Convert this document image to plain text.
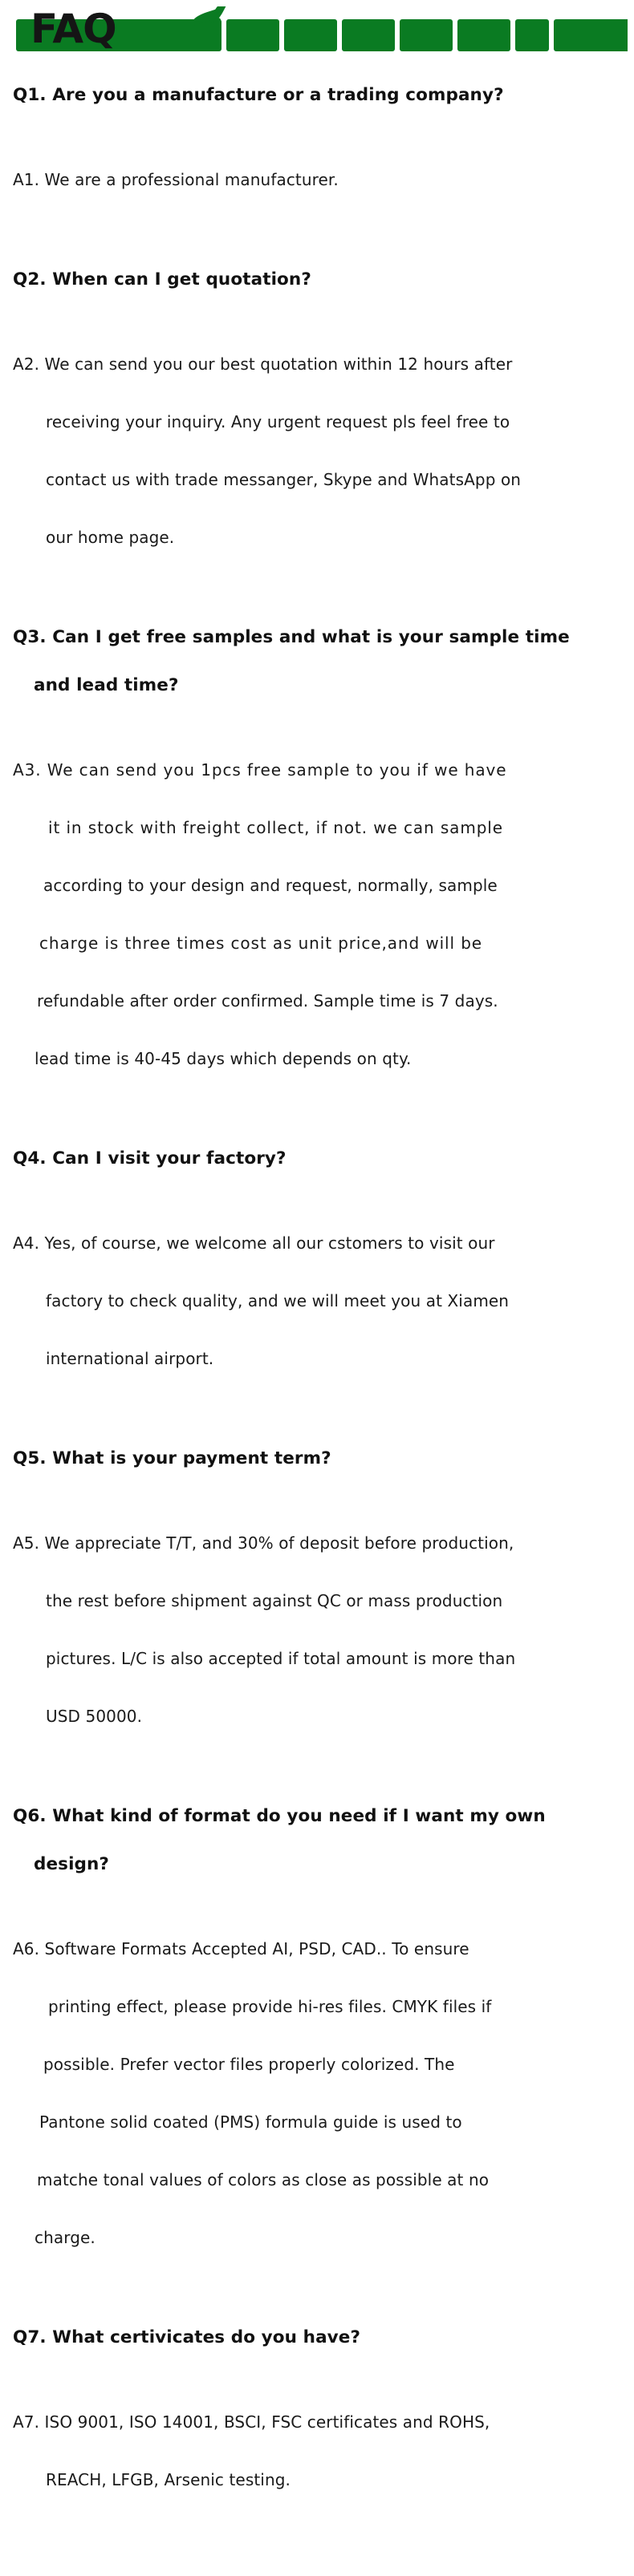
FAQ

Q1. Are you a manufacture or a trading company?

A1. We are a professional manufacturer.

Q2. When can I get quotation?

A2. We can send you our best quotation within 12 hours after

receiving your inquiry. Any urgent request pls feel free to

contact us with trade messanger, Skype and WhatsApp on

our home page.

Q3. Can I get free samples and what is your sample time

and lead time?

A3. We can send you 1pcs free sample to you if we have

it in stock with freight collect, if not. we can sample

according to your design and request, normally, sample

charge is three times cost as unit price,and will be

refundable after order confirmed. Sample time is 7 days.

lead time is 40-45 days which depends on qty.

Q4. Can I visit your factory?

A4. Yes, of course, we welcome all our cstomers to visit our

factory to check quality, and we will meet you at Xiamen

international airport.

Q5. What is your payment term?

A5. We appreciate T/T, and 30% of deposit before production,

the rest before shipment against QC or mass production

pictures. L/C is also accepted if total amount is more than

USD 50000.

Q6. What kind of format do you need if I want my own

design?

A6. Software Formats Accepted AI, PSD, CAD.. To ensure

printing effect, please provide hi-res files. CMYK files if

possible. Prefer vector files properly colorized. The

Pantone solid coated (PMS) formula guide is used to

matche tonal values of colors as close as possible at no

charge.

Q7. What certivicates do you have?

A7. ISO 9001, ISO 14001, BSCI, FSC certificates and ROHS,

REACH, LFGB, Arsenic testing.
